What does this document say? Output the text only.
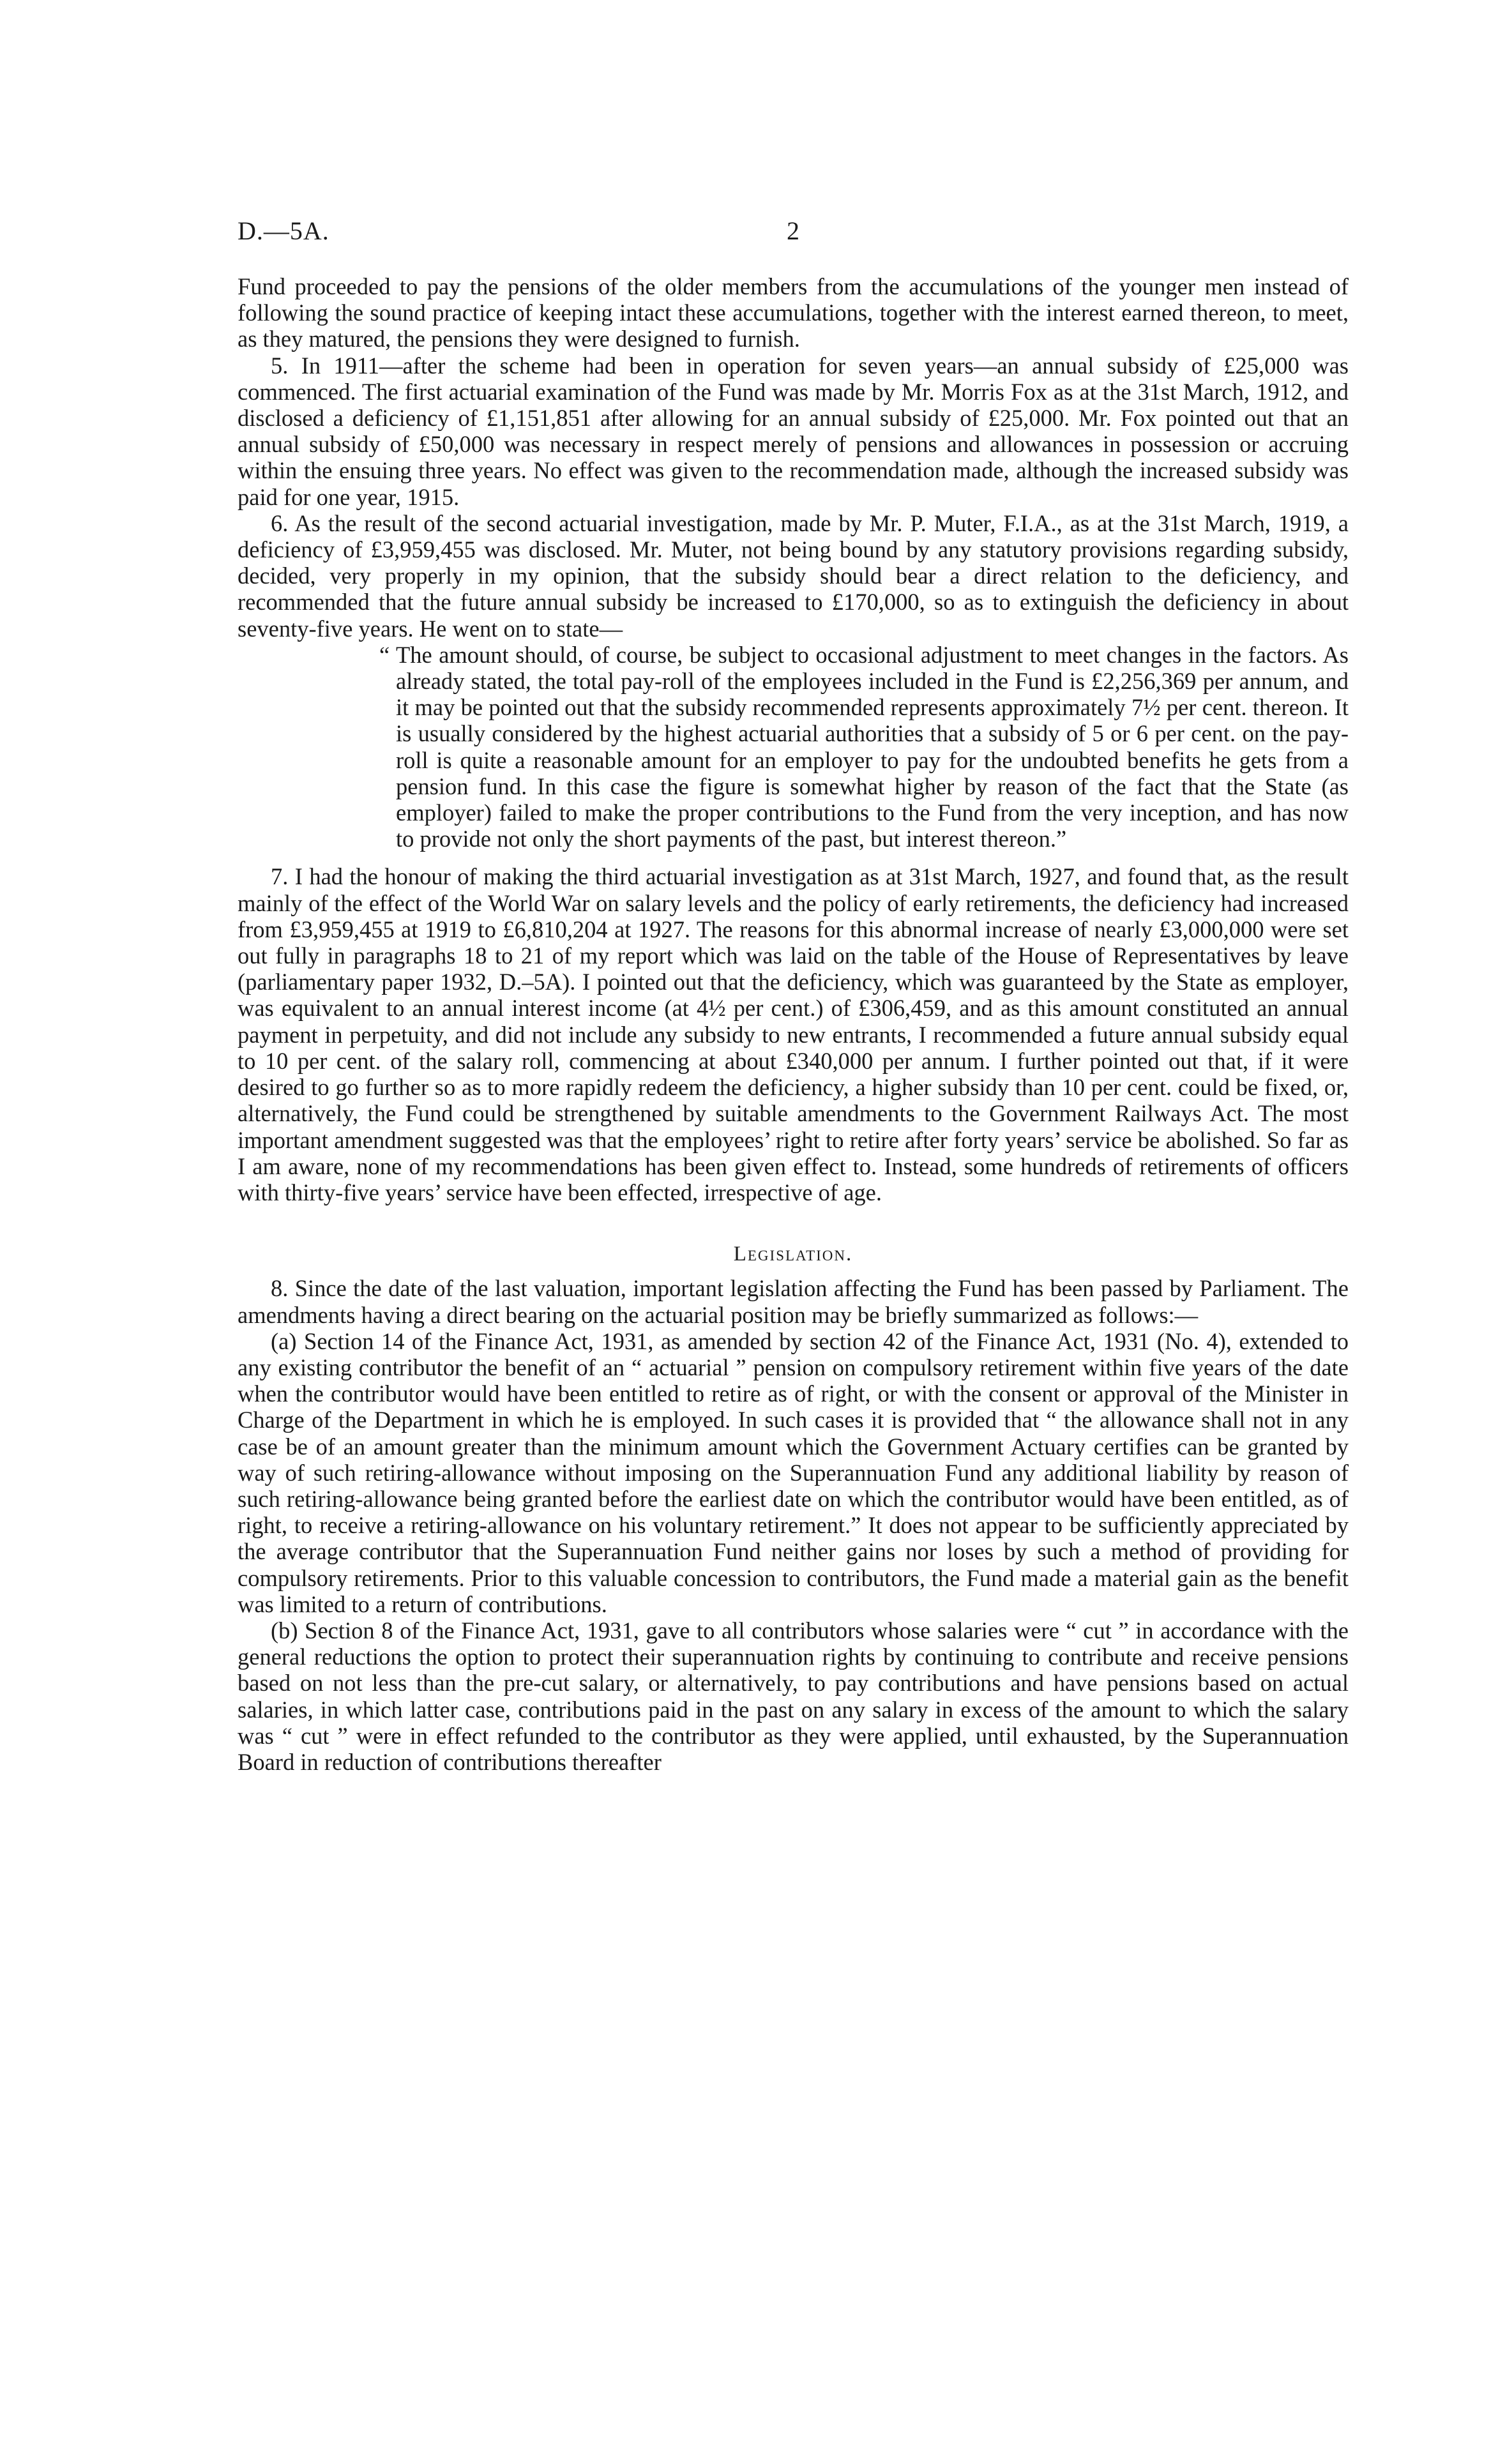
D.—5A.	2

Fund proceeded to pay the pensions of the older members from the accumulations of the younger men instead of following the sound practice of keeping intact these accumulations, together with the interest earned thereon, to meet, as they matured, the pensions they were designed to furnish.

5. In 1911—after the scheme had been in operation for seven years—an annual subsidy of £25,000 was commenced. The first actuarial examination of the Fund was made by Mr. Morris Fox as at the 31st March, 1912, and disclosed a deficiency of £1,151,851 after allowing for an annual subsidy of £25,000. Mr. Fox pointed out that an annual subsidy of £50,000 was necessary in respect merely of pensions and allowances in possession or accruing within the ensuing three years. No effect was given to the recommendation made, although the increased subsidy was paid for one year, 1915.

6. As the result of the second actuarial investigation, made by Mr. P. Muter, F.I.A., as at the 31st March, 1919, a deficiency of £3,959,455 was disclosed. Mr. Muter, not being bound by any statutory provisions regarding subsidy, decided, very properly in my opinion, that the subsidy should bear a direct relation to the deficiency, and recommended that the future annual subsidy be increased to £170,000, so as to extinguish the deficiency in about seventy-five years. He went on to state—

“ The amount should, of course, be subject to occasional adjustment to meet changes in the factors. As already stated, the total pay-roll of the employees included in the Fund is £2,256,369 per annum, and it may be pointed out that the subsidy recommended represents approximately 7½ per cent. thereon. It is usually considered by the highest actuarial authorities that a subsidy of 5 or 6 per cent. on the pay-roll is quite a reasonable amount for an employer to pay for the undoubted benefits he gets from a pension fund. In this case the figure is somewhat higher by reason of the fact that the State (as employer) failed to make the proper contributions to the Fund from the very inception, and has now to provide not only the short payments of the past, but interest thereon.”

7. I had the honour of making the third actuarial investigation as at 31st March, 1927, and found that, as the result mainly of the effect of the World War on salary levels and the policy of early retirements, the deficiency had increased from £3,959,455 at 1919 to £6,810,204 at 1927. The reasons for this abnormal increase of nearly £3,000,000 were set out fully in paragraphs 18 to 21 of my report which was laid on the table of the House of Representatives by leave (parliamentary paper 1932, D.–5A). I pointed out that the deficiency, which was guaranteed by the State as employer, was equivalent to an annual interest income (at 4½ per cent.) of £306,459, and as this amount constituted an annual payment in perpetuity, and did not include any subsidy to new entrants, I recommended a future annual subsidy equal to 10 per cent. of the salary roll, commencing at about £340,000 per annum. I further pointed out that, if it were desired to go further so as to more rapidly redeem the deficiency, a higher subsidy than 10 per cent. could be fixed, or, alternatively, the Fund could be strengthened by suitable amendments to the Government Railways Act. The most important amendment suggested was that the employees’ right to retire after forty years’ service be abolished. So far as I am aware, none of my recommendations has been given effect to. Instead, some hundreds of retirements of officers with thirty-five years’ service have been effected, irrespective of age.

Legislation.

8. Since the date of the last valuation, important legislation affecting the Fund has been passed by Parliament. The amendments having a direct bearing on the actuarial position may be briefly summarized as follows:—

(a) Section 14 of the Finance Act, 1931, as amended by section 42 of the Finance Act, 1931 (No. 4), extended to any existing contributor the benefit of an “ actuarial ” pension on compulsory retirement within five years of the date when the contributor would have been entitled to retire as of right, or with the consent or approval of the Minister in Charge of the Department in which he is employed. In such cases it is provided that “ the allowance shall not in any case be of an amount greater than the minimum amount which the Government Actuary certifies can be granted by way of such retiring-allowance without imposing on the Superannuation Fund any additional liability by reason of such retiring-allowance being granted before the earliest date on which the contributor would have been entitled, as of right, to receive a retiring-allowance on his voluntary retirement.” It does not appear to be sufficiently appreciated by the average contributor that the Superannuation Fund neither gains nor loses by such a method of providing for compulsory retirements. Prior to this valuable concession to contributors, the Fund made a material gain as the benefit was limited to a return of contributions.

(b) Section 8 of the Finance Act, 1931, gave to all contributors whose salaries were “ cut ” in accordance with the general reductions the option to protect their superannuation rights by continuing to contribute and receive pensions based on not less than the pre-cut salary, or alternatively, to pay contributions and have pensions based on actual salaries, in which latter case, contributions paid in the past on any salary in excess of the amount to which the salary was “ cut ” were in effect refunded to the contributor as they were applied, until exhausted, by the Superannuation Board in reduction of contributions thereafter
